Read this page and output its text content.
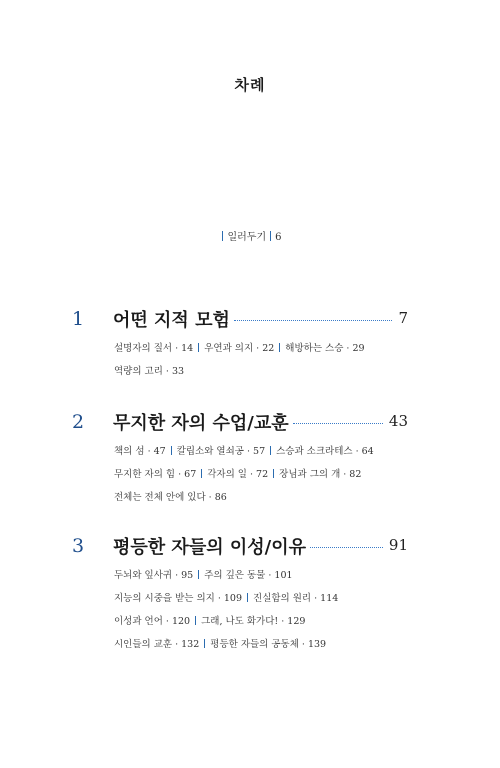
차례
일러두기 6
1 어떤 지적 모험	7
설명자의 질서 · 14 우연과 의지 · 22 해방하는 스승 · 29
역량의 고리 · 33
2 무지한 자의 수업/교훈	43
책의 섬 · 47 칼립소와 열쇠공 · 57 스승과 소크라테스 · 64
무지한 자의 힘 · 67 각자의 일 · 72 장님과 그의 개 · 82
전체는 전체 안에 있다 · 86
3 평등한 자들의 이성/이유	91
두뇌와 잎사귀 · 95 주의 깊은 동물 · 101
지능의 시중을 받는 의지 · 109 진실함의 원리 · 114
이성과 언어 · 120 그래, 나도 화가다! · 129
시인들의 교훈 · 132 평등한 자들의 공동체 · 139
